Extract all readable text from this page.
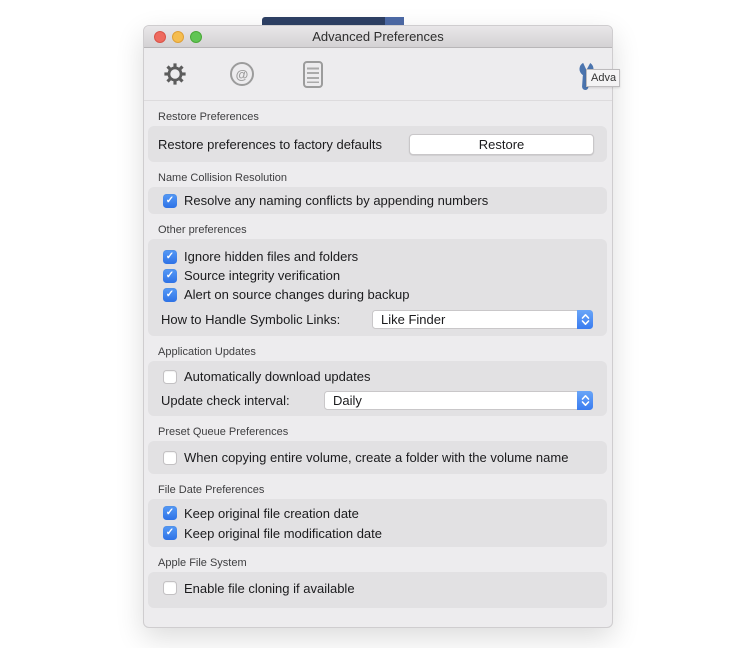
Advanced Preferences
@	Adva
Restore Preferences
Restore preferences to factory defaults	Restore
Name Collision Resolution
✓
Resolve any naming conflicts by appending numbers
Other preferences
✓
Ignore hidden files and folders
✓
Source integrity verification
✓
Alert on source changes during backup
How to Handle Symbolic Links:	Like Finder
Application Updates
Automatically download updates
Update check interval:	Daily
Preset Queue Preferences
When copying entire volume, create a folder with the volume name
File Date Preferences
✓
Keep original file creation date
✓
Keep original file modification date
Apple File System
Enable file cloning if available
